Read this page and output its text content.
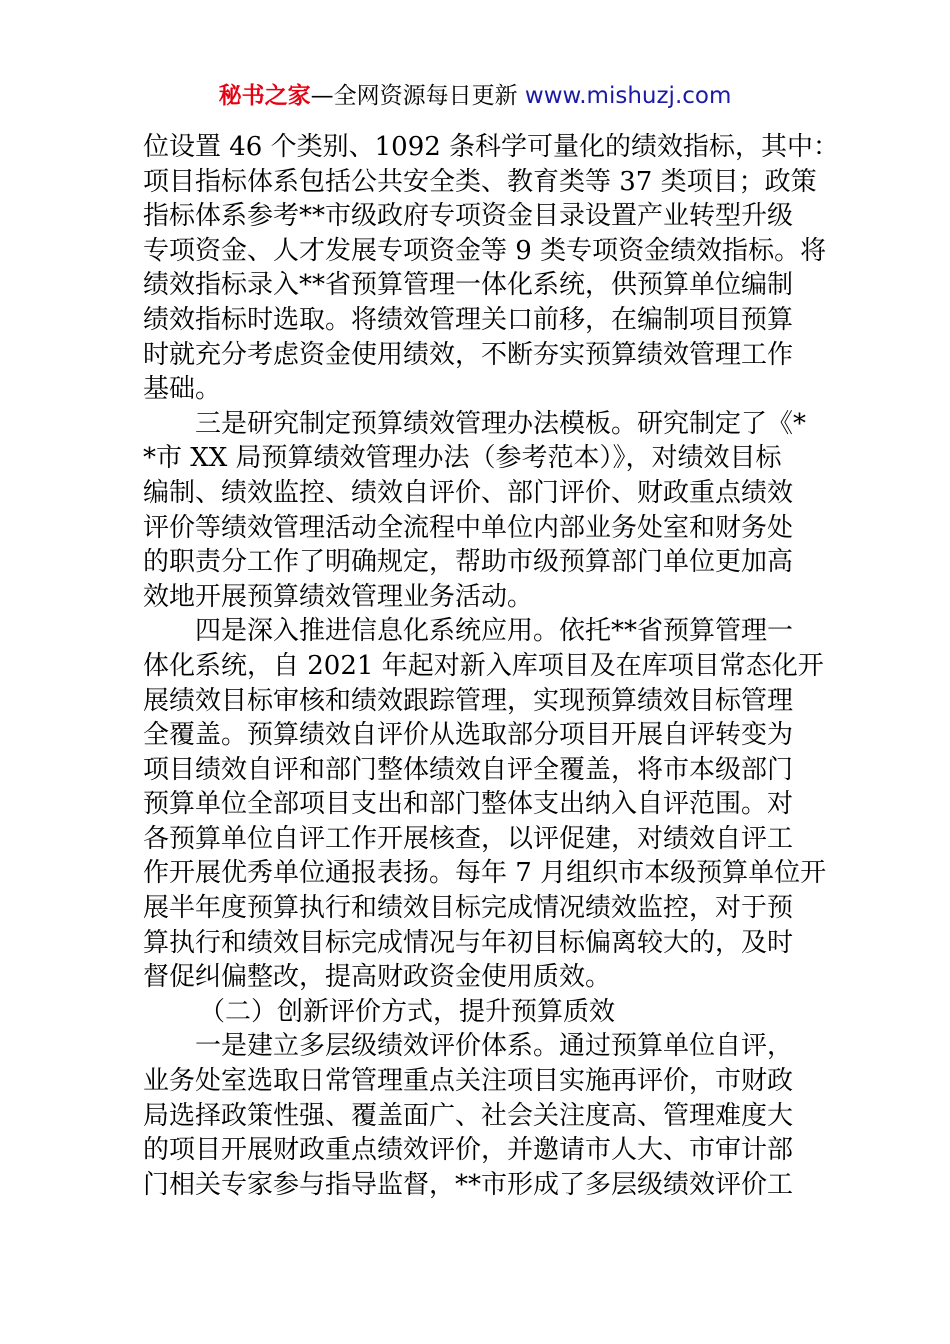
秘书之家—全网资源每日更新 www.mishuzj.com
位设置 46 个类别、1092 条科学可量化的绩效指标，其中：
项目指标体系包括公共安全类、教育类等 37 类项目；政策
指标体系参考**市级政府专项资金目录设置产业转型升级
专项资金、人才发展专项资金等 9 类专项资金绩效指标。将
绩效指标录入**省预算管理一体化系统，供预算单位编制
绩效指标时选取。将绩效管理关口前移，在编制项目预算
时就充分考虑资金使用绩效，不断夯实预算绩效管理工作
基础。
三是研究制定预算绩效管理办法模板。研究制定了《*
*市 XX 局预算绩效管理办法（参考范本）》，对绩效目标
编制、绩效监控、绩效自评价、部门评价、财政重点绩效
评价等绩效管理活动全流程中单位内部业务处室和财务处
的职责分工作了明确规定，帮助市级预算部门单位更加高
效地开展预算绩效管理业务活动。
四是深入推进信息化系统应用。依托**省预算管理一
体化系统，自 2021 年起对新入库项目及在库项目常态化开
展绩效目标审核和绩效跟踪管理，实现预算绩效目标管理
全覆盖。预算绩效自评价从选取部分项目开展自评转变为
项目绩效自评和部门整体绩效自评全覆盖，将市本级部门
预算单位全部项目支出和部门整体支出纳入自评范围。对
各预算单位自评工作开展核查，以评促建，对绩效自评工
作开展优秀单位通报表扬。每年 7 月组织市本级预算单位开
展半年度预算执行和绩效目标完成情况绩效监控，对于预
算执行和绩效目标完成情况与年初目标偏离较大的，及时
督促纠偏整改，提高财政资金使用质效。
（二）创新评价方式，提升预算质效
一是建立多层级绩效评价体系。通过预算单位自评，
业务处室选取日常管理重点关注项目实施再评价，市财政
局选择政策性强、覆盖面广、社会关注度高、管理难度大
的项目开展财政重点绩效评价，并邀请市人大、市审计部
门相关专家参与指导监督，**市形成了多层级绩效评价工
